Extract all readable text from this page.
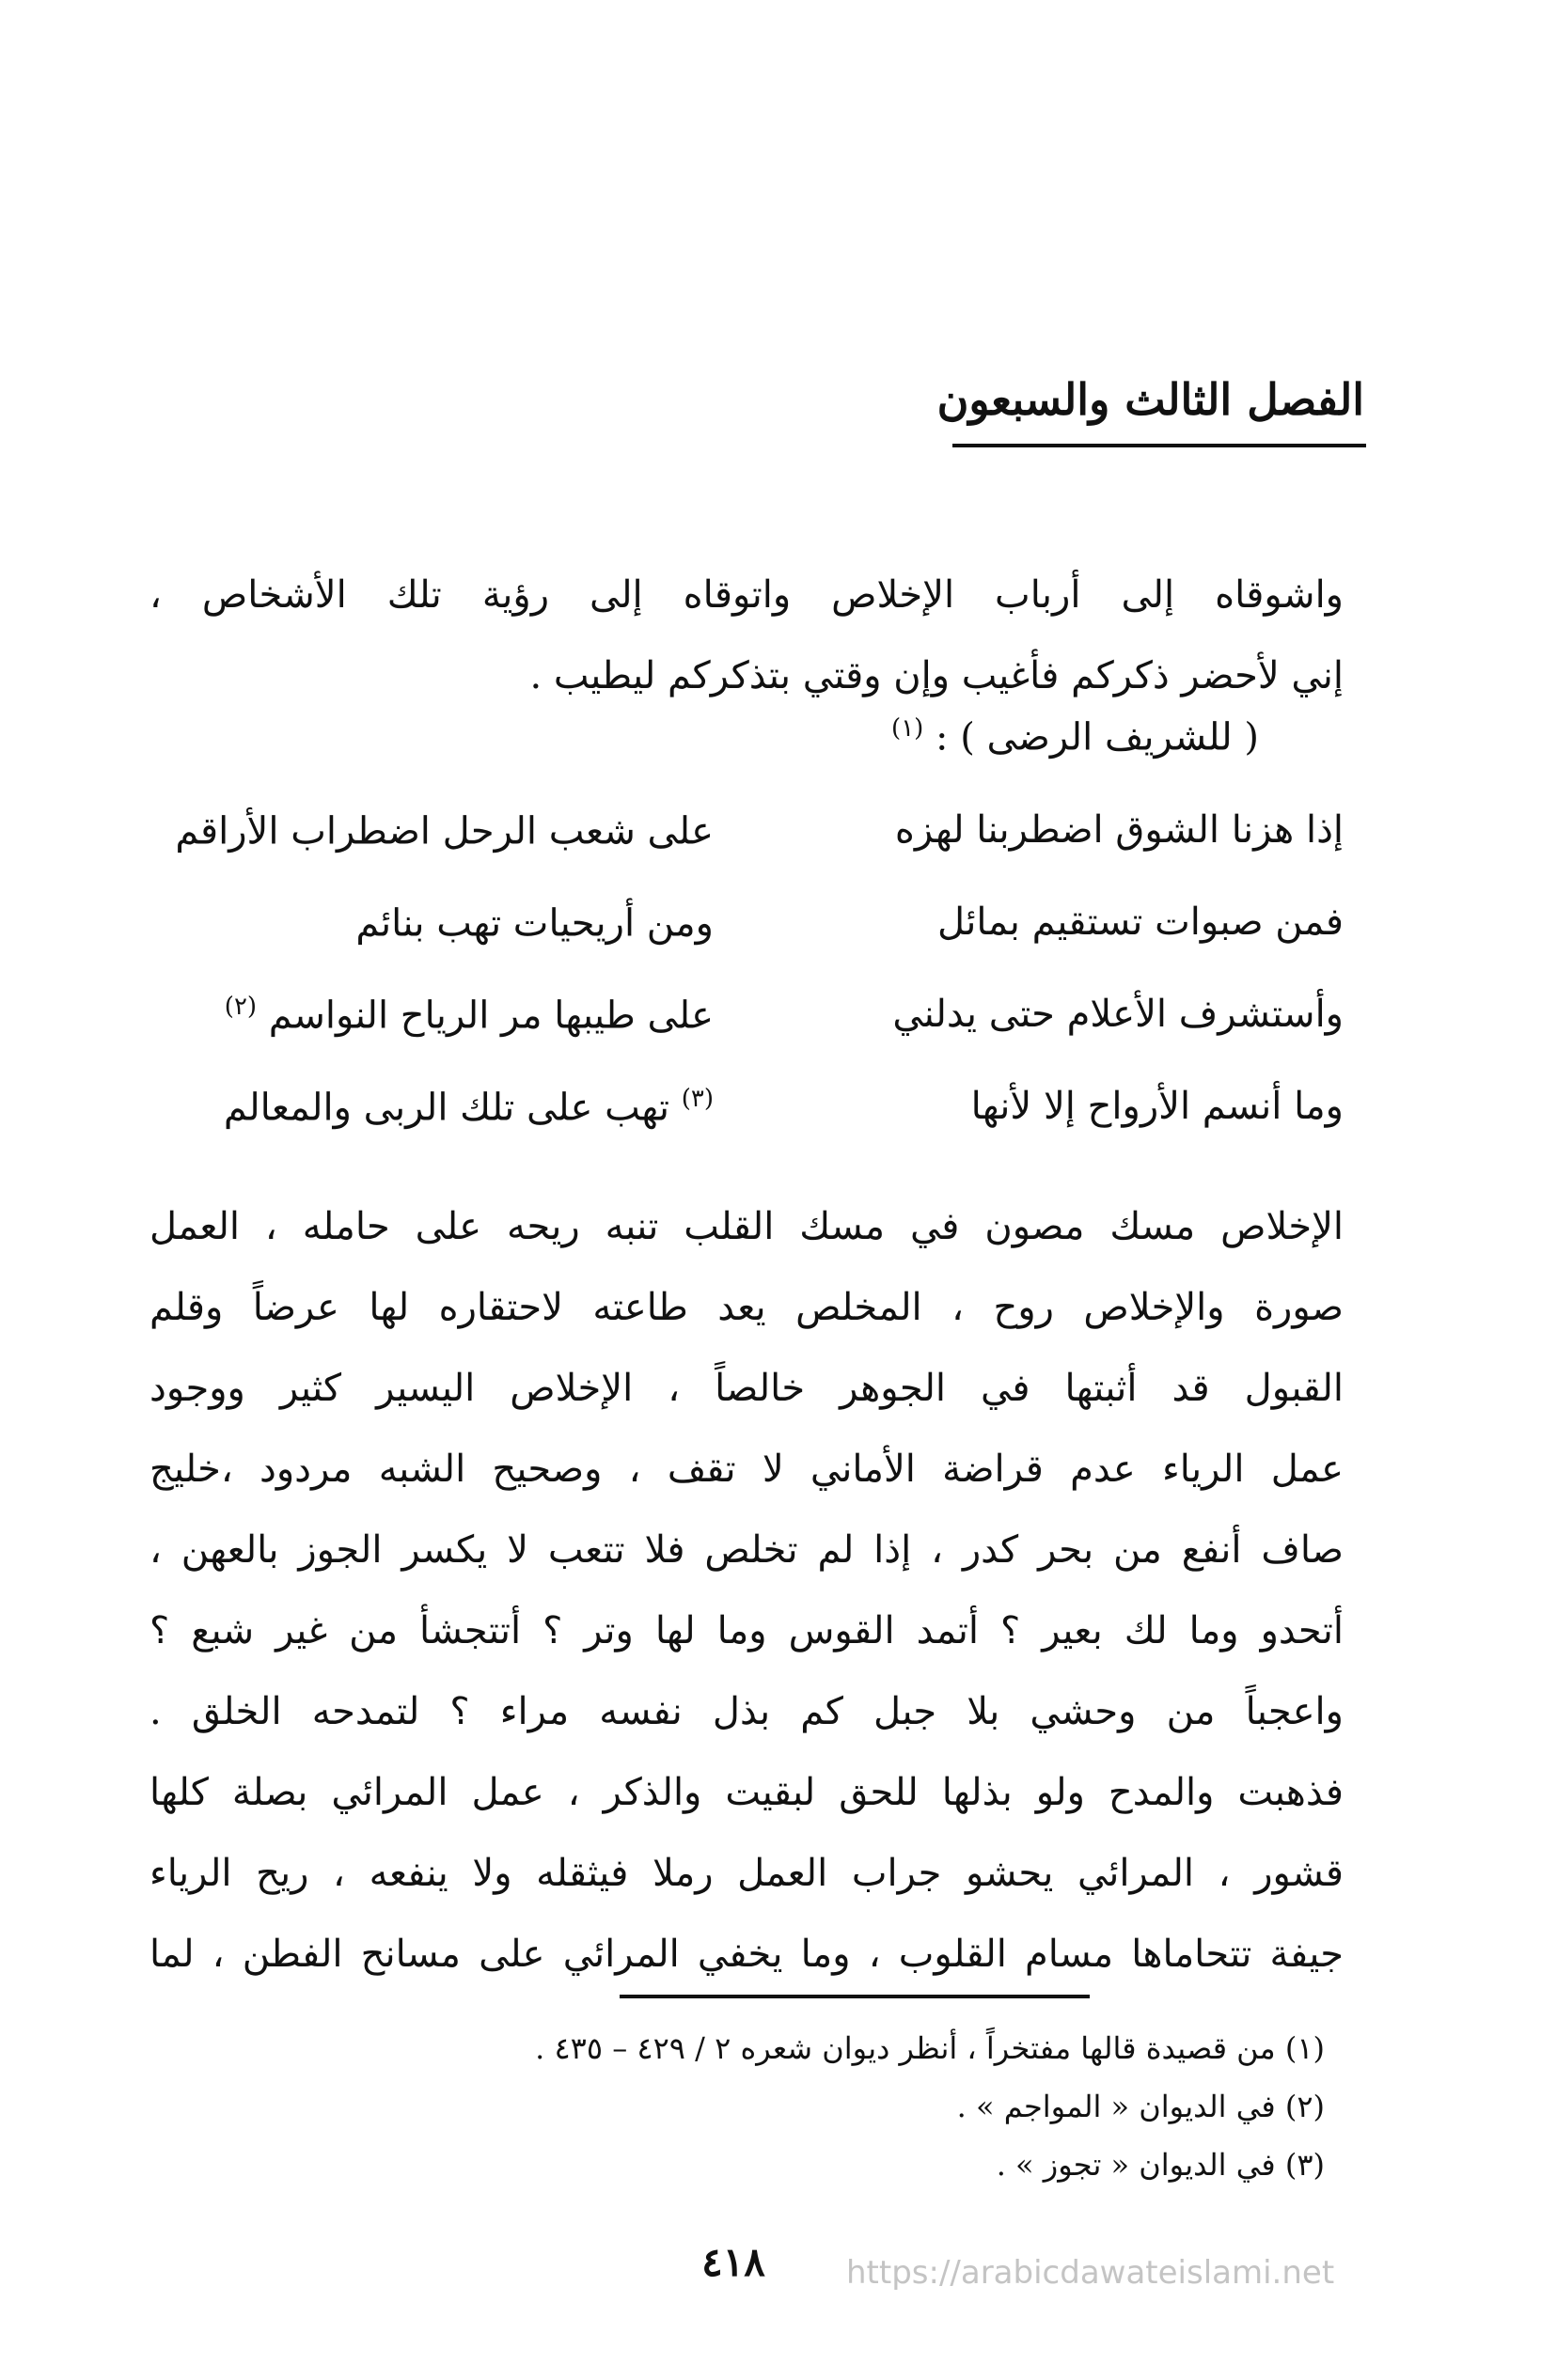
الفصل الثالث والسبعون
واشوقاه إلى أرباب الإخلاص واتوقاه إلى رؤية تلك الأشخاص ،
إني لأحضر ذكركم فأغيب وإن وقتي بتذكركم ليطيب .
( للشريف الرضى ) : $^{(١)}$
إذا هزنا الشوق اضطربنا لهزه
على شعب الرحل اضطراب الأراقم
فمن صبوات تستقيم بمائل
ومن أريحيات تهب بنائم
وأستشرف الأعلام حتى يدلني
على طيبها مر الرياح النواسم $^{(٢)}$
وما أنسم الأرواح إلا لأنها
$^{(٣)}$ تهب على تلك الربى والمعالم
الإخلاص مسك مصون في مسك القلب تنبه ريحه على حامله ، العمل
صورة والإخلاص روح ، المخلص يعد طاعته لاحتقاره لها عرضاً وقلم
القبول قد أثبتها في الجوهر خالصاً ، الإخلاص اليسير كثير ووجود
عمل الرياء عدم قراضة الأماني لا تقف ، وصحيح الشبه مردود ،خليج
صاف أنفع من بحر كدر ، إذا لم تخلص فلا تتعب لا يكسر الجوز بالعهن ،
أتحدو وما لك بعير ؟ أتمد القوس وما لها وتر ؟ أتتجشأ من غير شبع ؟
واعجباً من وحشي بلا جبل كم بذل نفسه مراء ؟ لتمدحه الخلق .
فذهبت والمدح ولو بذلها للحق لبقيت والذكر ، عمل المرائي بصلة كلها
قشور ، المرائي يحشو جراب العمل رملا فيثقله ولا ينفعه ، ريح الرياء
جيفة تتحاماها مسام القلوب ، وما يخفي المرائي على مسانح الفطن ، لما
(١) من قصيدة قالها مفتخراً ، أنظر ديوان شعره ٢ / ٤٢٩ – ٤٣٥ .
(٢) في الديوان « المواجم » .
(٣) في الديوان « تجوز » .
٤١٨	https://arabicdawateislami.net
